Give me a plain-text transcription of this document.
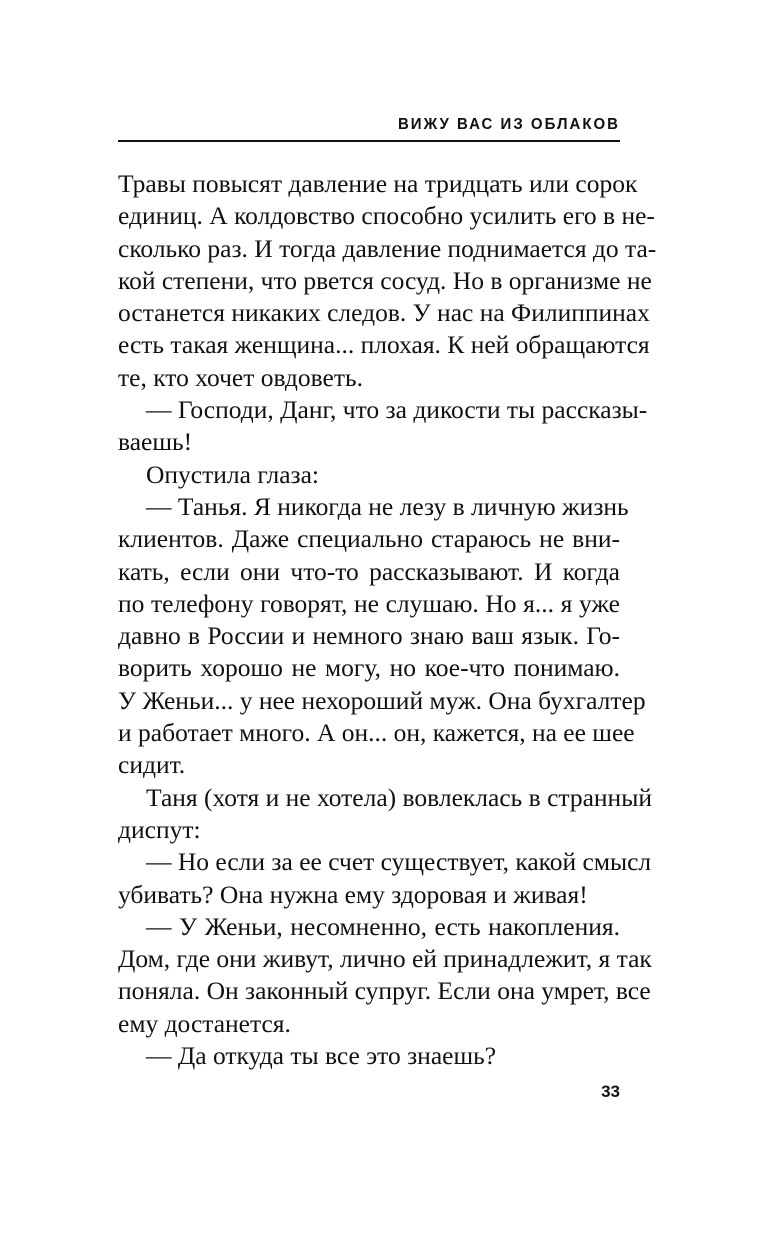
ВИЖУ ВАС ИЗ ОБЛАКОВ
Травы повысят давление на тридцать или сорок
единиц. А колдовство способно усилить его в не-
сколько раз. И тогда давление поднимается до та-
кой степени, что рвется сосуд. Но в организме не
останется никаких следов. У нас на Филиппинах
есть такая женщина... плохая. К ней обращаются
те, кто хочет овдоветь.
— Господи, Данг, что за дикости ты рассказы-
ваешь!
Опустила глаза:
— Танья. Я никогда не лезу в личную жизнь
клиентов. Даже специально стараюсь не вни-
кать, если они что-то рассказывают. И когда
по телефону говорят, не слушаю. Но я... я уже
давно в России и немного знаю ваш язык. Го-
ворить хорошо не могу, но кое-что понимаю.
У Женьи... у нее нехороший муж. Она бухгалтер
и работает много. А он... он, кажется, на ее шее
сидит.
Таня (хотя и не хотела) вовлеклась в странный
диспут:
— Но если за ее счет существует, какой смысл
убивать? Она нужна ему здоровая и живая!
— У Женьи, несомненно, есть накопления.
Дом, где они живут, лично ей принадлежит, я так
поняла. Он законный супруг. Если она умрет, все
ему достанется.
— Да откуда ты все это знаешь?
33
